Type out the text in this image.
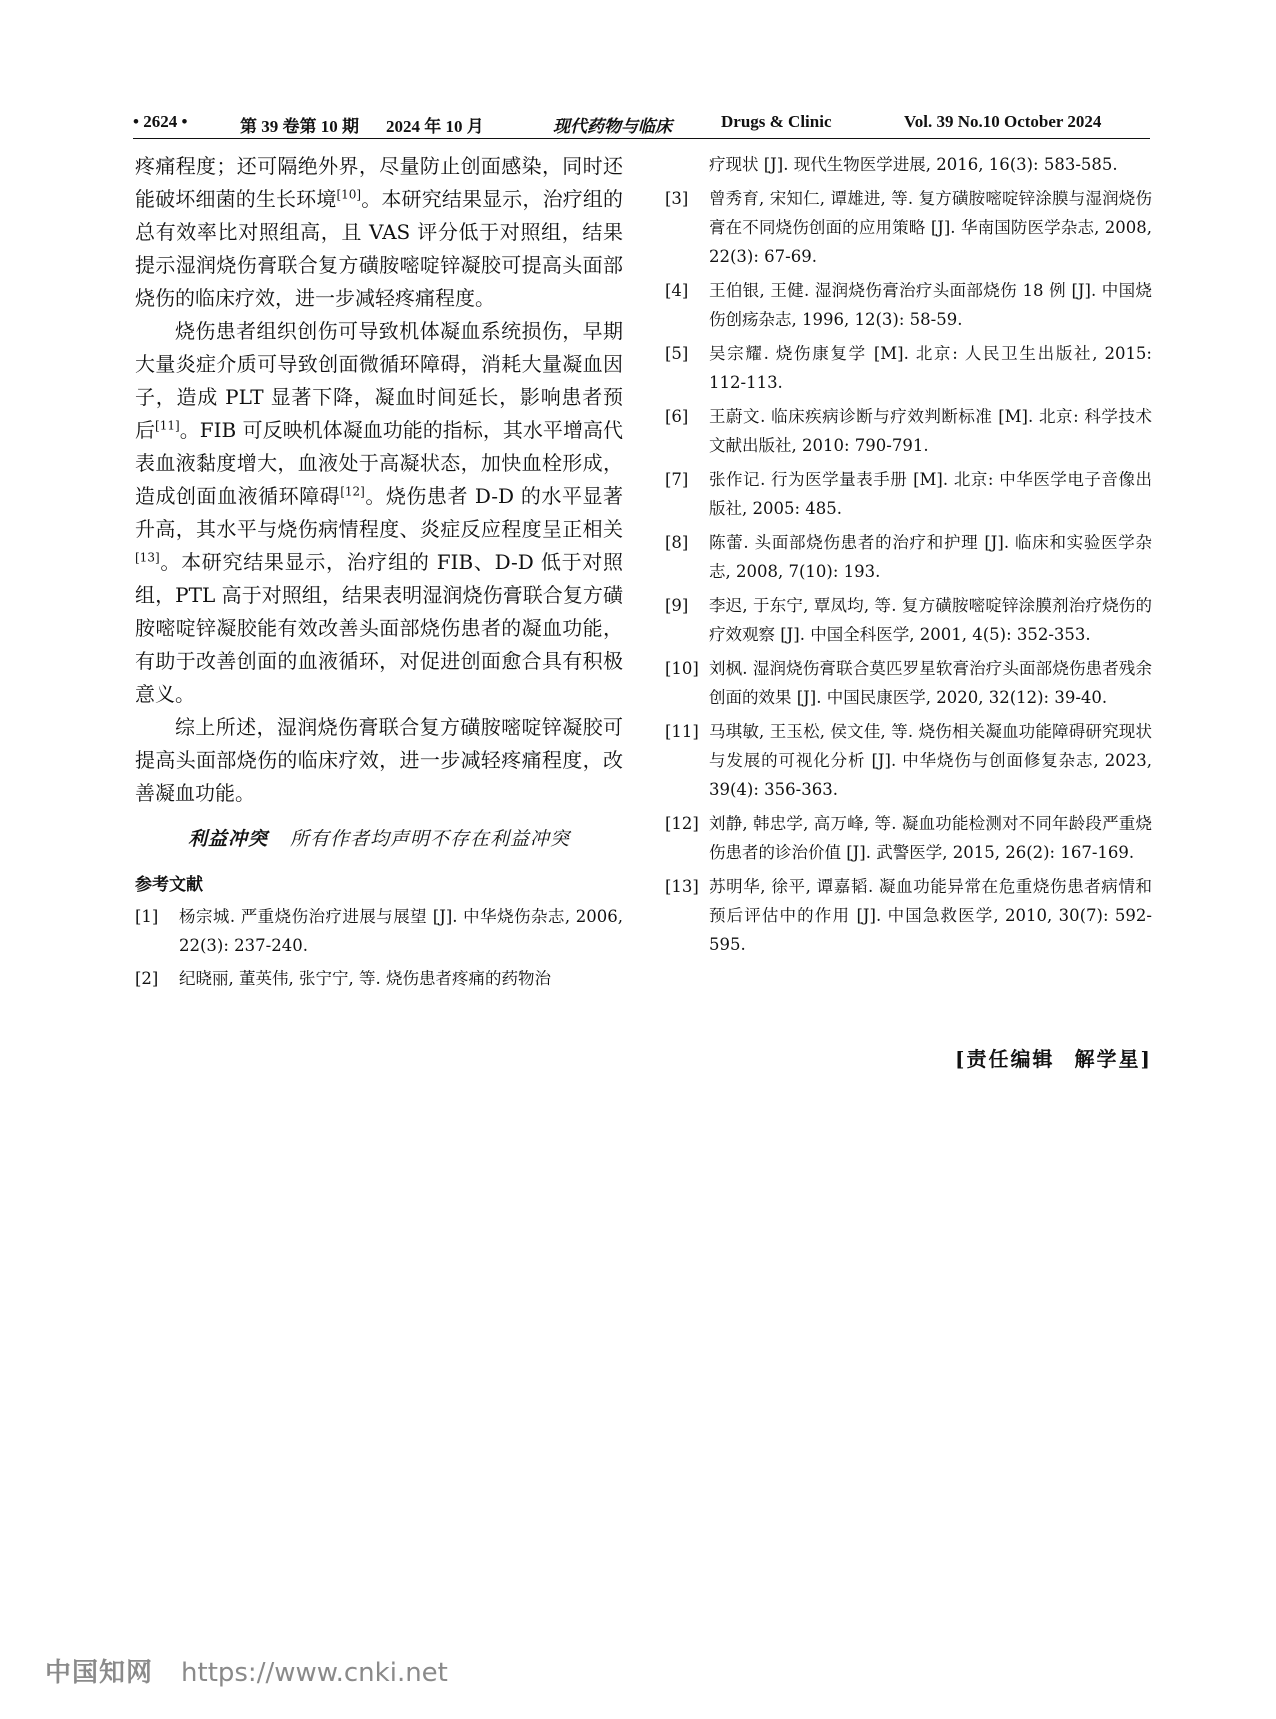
• 2624 •	第 39 卷第 10 期 2024 年 10 月	现代药物与临床	Drugs & Clinic	Vol. 39 No.10 October 2024

疼痛程度；还可隔绝外界，尽量防止创面感染，同时还能破坏细菌的生长环境[10]。本研究结果显示，治疗组的总有效率比对照组高，且 VAS 评分低于对照组，结果提示湿润烧伤膏联合复方磺胺嘧啶锌凝胶可提高头面部烧伤的临床疗效，进一步减轻疼痛程度。

烧伤患者组织创伤可导致机体凝血系统损伤，早期大量炎症介质可导致创面微循环障碍，消耗大量凝血因子，造成 PLT 显著下降，凝血时间延长，影响患者预后[11]。FIB 可反映机体凝血功能的指标，其水平增高代表血液黏度增大，血液处于高凝状态，加快血栓形成，造成创面血液循环障碍[12]。烧伤患者 D-D 的水平显著升高，其水平与烧伤病情程度、炎症反应程度呈正相关[13]。本研究结果显示，治疗组的 FIB、D-D 低于对照组，PTL 高于对照组，结果表明湿润烧伤膏联合复方磺胺嘧啶锌凝胶能有效改善头面部烧伤患者的凝血功能，有助于改善创面的血液循环，对促进创面愈合具有积极意义。

综上所述，湿润烧伤膏联合复方磺胺嘧啶锌凝胶可提高头面部烧伤的临床疗效，进一步减轻疼痛程度，改善凝血功能。

利益冲突 所有作者均声明不存在利益冲突

参考文献
[1] 杨宗城. 严重烧伤治疗进展与展望 [J]. 中华烧伤杂志, 2006, 22(3): 237-240.
[2] 纪晓丽, 董英伟, 张宁宁, 等. 烧伤患者疼痛的药物治
疗现状 [J]. 现代生物医学进展, 2016, 16(3): 583-585.
[3] 曾秀育, 宋知仁, 谭雄进, 等. 复方磺胺嘧啶锌涂膜与湿润烧伤膏在不同烧伤创面的应用策略 [J]. 华南国防医学杂志, 2008, 22(3): 67-69.
[4] 王伯银, 王健. 湿润烧伤膏治疗头面部烧伤 18 例 [J]. 中国烧伤创疡杂志, 1996, 12(3): 58-59.
[5] 吴宗耀. 烧伤康复学 [M]. 北京: 人民卫生出版社, 2015: 112-113.
[6] 王蔚文. 临床疾病诊断与疗效判断标准 [M]. 北京: 科学技术文献出版社, 2010: 790-791.
[7] 张作记. 行为医学量表手册 [M]. 北京: 中华医学电子音像出版社, 2005: 485.
[8] 陈蕾. 头面部烧伤患者的治疗和护理 [J]. 临床和实验医学杂志, 2008, 7(10): 193.
[9] 李迟, 于东宁, 覃凤均, 等. 复方磺胺嘧啶锌涂膜剂治疗烧伤的疗效观察 [J]. 中国全科医学, 2001, 4(5): 352-353.
[10] 刘枫. 湿润烧伤膏联合莫匹罗星软膏治疗头面部烧伤患者残余创面的效果 [J]. 中国民康医学, 2020, 32(12): 39-40.
[11] 马琪敏, 王玉松, 侯文佳, 等. 烧伤相关凝血功能障碍研究现状与发展的可视化分析 [J]. 中华烧伤与创面修复杂志, 2023, 39(4): 356-363.
[12] 刘静, 韩忠学, 高万峰, 等. 凝血功能检测对不同年龄段严重烧伤患者的诊治价值 [J]. 武警医学, 2015, 26(2): 167-169.
[13] 苏明华, 徐平, 谭嘉韬. 凝血功能异常在危重烧伤患者病情和预后评估中的作用 [J]. 中国急救医学, 2010, 30(7): 592-595.
[责任编辑 解学星]
中国知网 https://www.cnki.net
